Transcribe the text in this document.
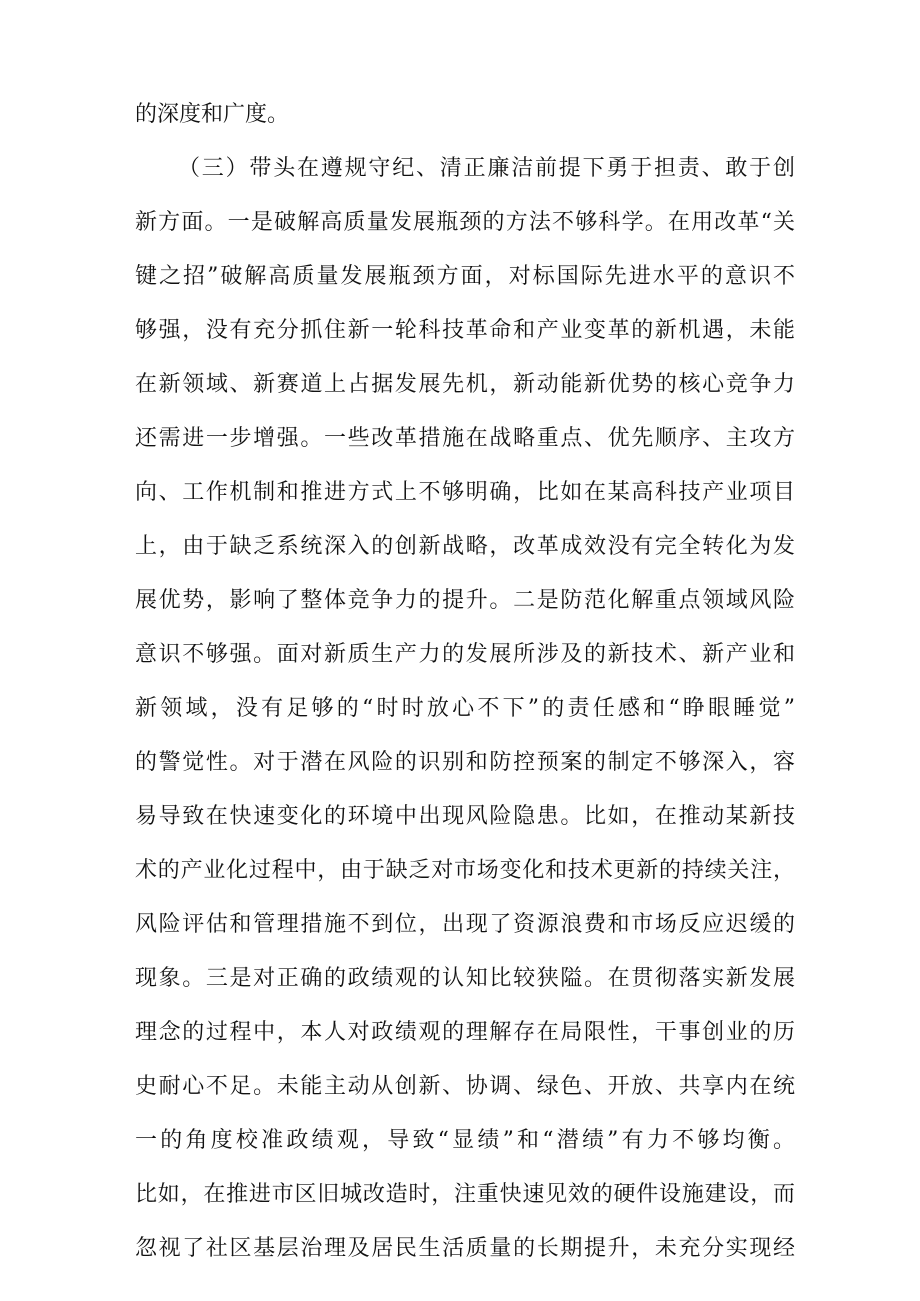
的深度和广度。
（三）带头在遵规守纪、清正廉洁前提下勇于担责、敢于创
新方面。一是破解高质量发展瓶颈的方法不够科学。在用改革“关
键之招”破解高质量发展瓶颈方面，对标国际先进水平的意识不
够强，没有充分抓住新一轮科技革命和产业变革的新机遇，未能
在新领域、新赛道上占据发展先机，新动能新优势的核心竞争力
还需进一步增强。一些改革措施在战略重点、优先顺序、主攻方
向、工作机制和推进方式上不够明确，比如在某高科技产业项目
上，由于缺乏系统深入的创新战略，改革成效没有完全转化为发
展优势，影响了整体竞争力的提升。二是防范化解重点领域风险
意识不够强。面对新质生产力的发展所涉及的新技术、新产业和
新领域，没有足够的“时时放心不下”的责任感和“睁眼睡觉”
的警觉性。对于潜在风险的识别和防控预案的制定不够深入，容
易导致在快速变化的环境中出现风险隐患。比如，在推动某新技
术的产业化过程中，由于缺乏对市场变化和技术更新的持续关注，
风险评估和管理措施不到位，出现了资源浪费和市场反应迟缓的
现象。三是对正确的政绩观的认知比较狭隘。在贯彻落实新发展
理念的过程中，本人对政绩观的理解存在局限性，干事创业的历
史耐心不足。未能主动从创新、协调、绿色、开放、共享内在统
一的角度校准政绩观，导致“显绩”和“潜绩”有力不够均衡。
比如，在推进市区旧城改造时，注重快速见效的硬件设施建设，而
忽视了社区基层治理及居民生活质量的长期提升，未充分实现经
